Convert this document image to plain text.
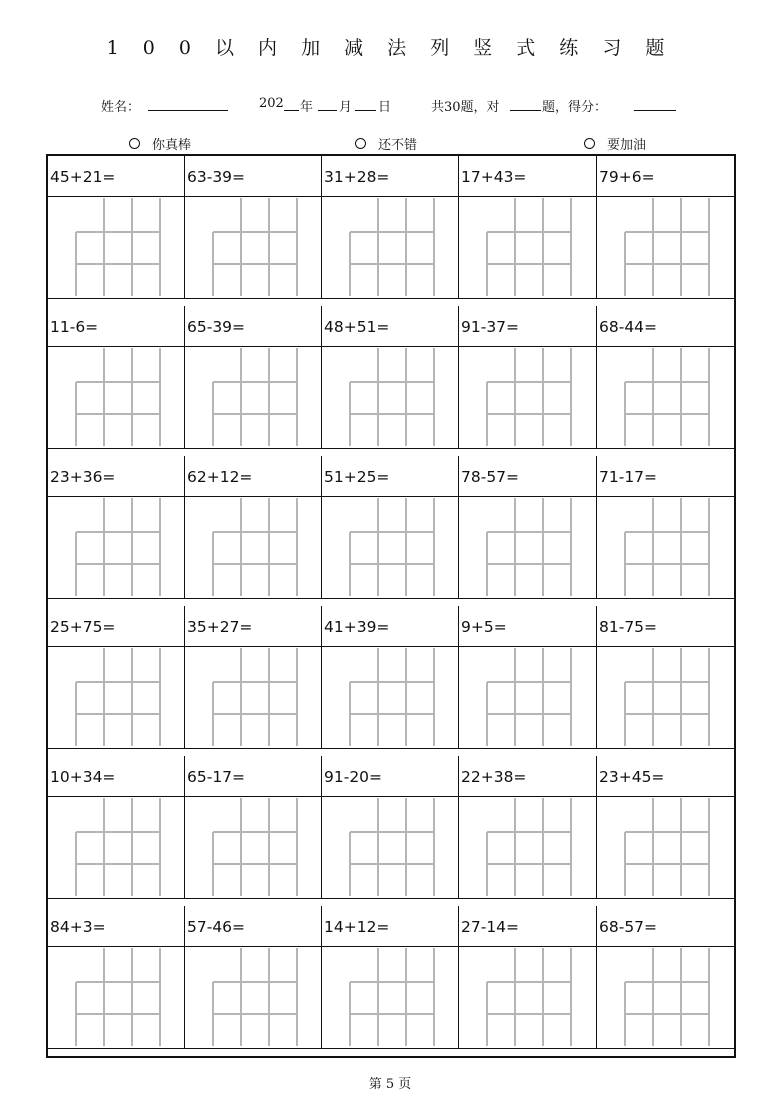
1 0 0 以 内 加 减 法 列 竖 式 练 习 题
姓名：	202 年 月 日	共30题，对	题，得分：
你真棒	还不错	要加油
45+21=	63-39=	31+28=	17+43=	79+6=
11-6=	65-39=	48+51=	91-37=	68-44=
23+36=	62+12=	51+25=	78-57=	71-17=
25+75=	35+27=	41+39=	9+5=	81-75=
10+34=	65-17=	91-20=	22+38=	23+45=
84+3=	57-46=	14+12=	27-14=	68-57=
第 5 页
